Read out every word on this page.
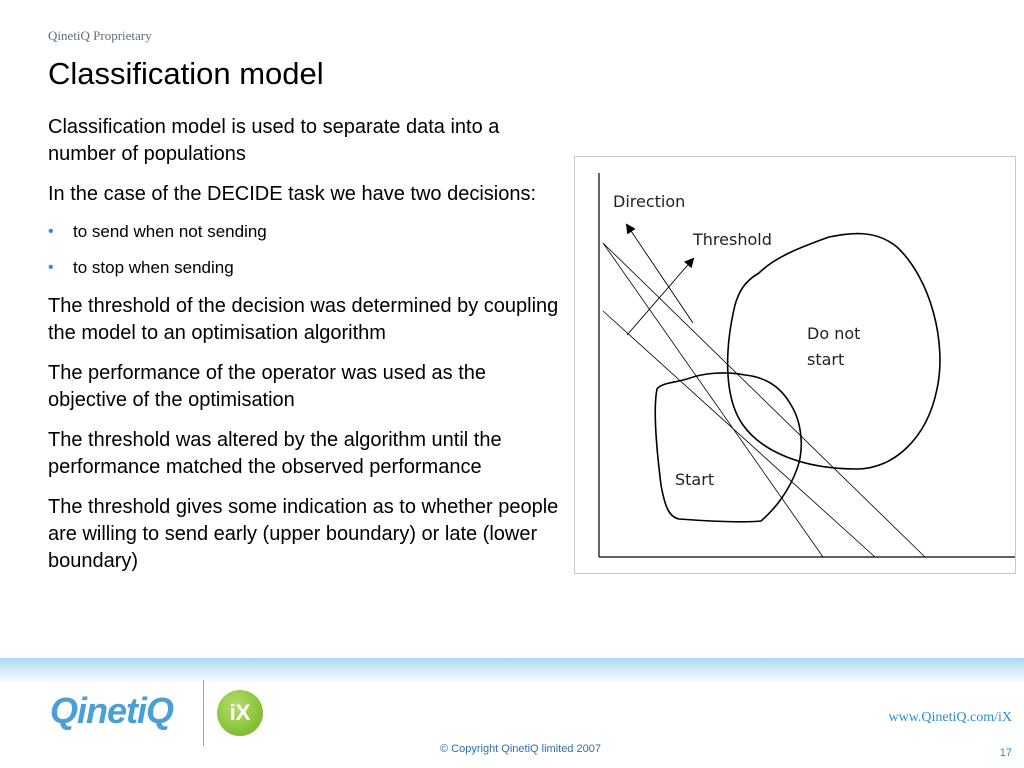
QinetiQ Proprietary
Classification model

Classification model is used to separate data into a number of populations

In the case of the DECIDE task we have two decisions:

• to send when not sending
• to stop when sending

The threshold of the decision was determined by coupling the model to an optimisation algorithm

The performance of the operator was used as the objective of the optimisation

The threshold was altered by the algorithm until the performance matched the observed performance

The threshold gives some indication as to whether people are willing to send early (upper boundary) or late (lower boundary)

Direction
Threshold
Do not
start
Start
QinetiQ	iX	www.QinetiQ.com/iX
© Copyright QinetiQ limited 2007	17
